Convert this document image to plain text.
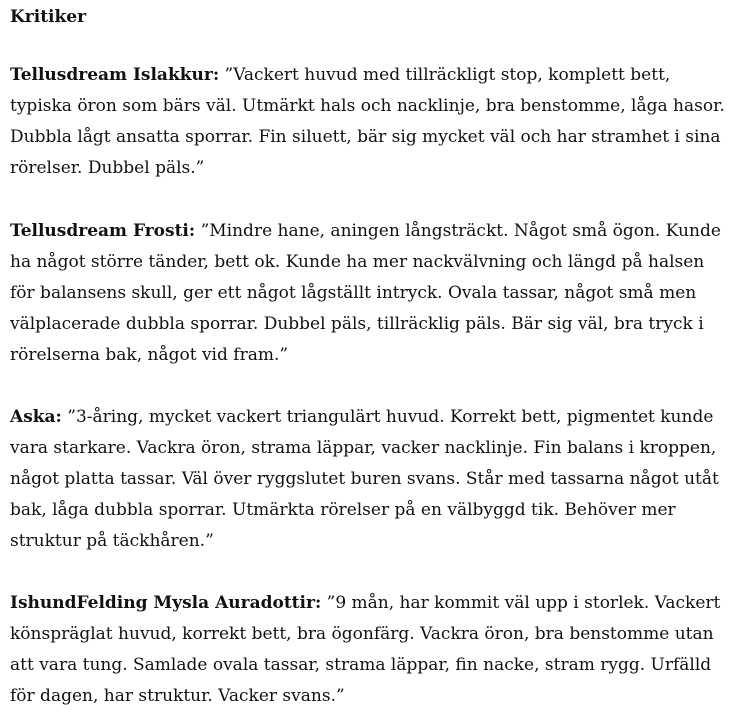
Kritiker

Tellusdream Islakkur: ”Vackert huvud med tillräckligt stop, komplett bett, typiska öron som bärs väl. Utmärkt hals och nacklinje, bra benstomme, låga hasor. Dubbla lågt ansatta sporrar. Fin siluett, bär sig mycket väl och har stramhet i sina rörelser. Dubbel päls.”

Tellusdream Frosti: ”Mindre hane, aningen långsträckt. Något små ögon. Kunde ha något större tänder, bett ok. Kunde ha mer nackvälvning och längd på halsen för balansens skull, ger ett något lågställt intryck. Ovala tassar, något små men välplacerade dubbla sporrar. Dubbel päls, tillräcklig päls. Bär sig väl, bra tryck i rörelserna bak, något vid fram.”

Aska: ”3-åring, mycket vackert triangulärt huvud. Korrekt bett, pigmentet kunde vara starkare. Vackra öron, strama läppar, vacker nacklinje. Fin balans i kroppen, något platta tassar. Väl över ryggslutet buren svans. Står med tassarna något utåt bak, låga dubbla sporrar. Utmärkta rörelser på en välbyggd tik. Behöver mer struktur på täckhåren.”

IshundFelding Mysla Auradottir: ”9 mån, har kommit väl upp i storlek. Vackert könspräglat huvud, korrekt bett, bra ögonfärg. Vackra öron, bra benstomme utan att vara tung. Samlade ovala tassar, strama läppar, fin nacke, stram rygg. Urfälld för dagen, har struktur. Vacker svans.”
